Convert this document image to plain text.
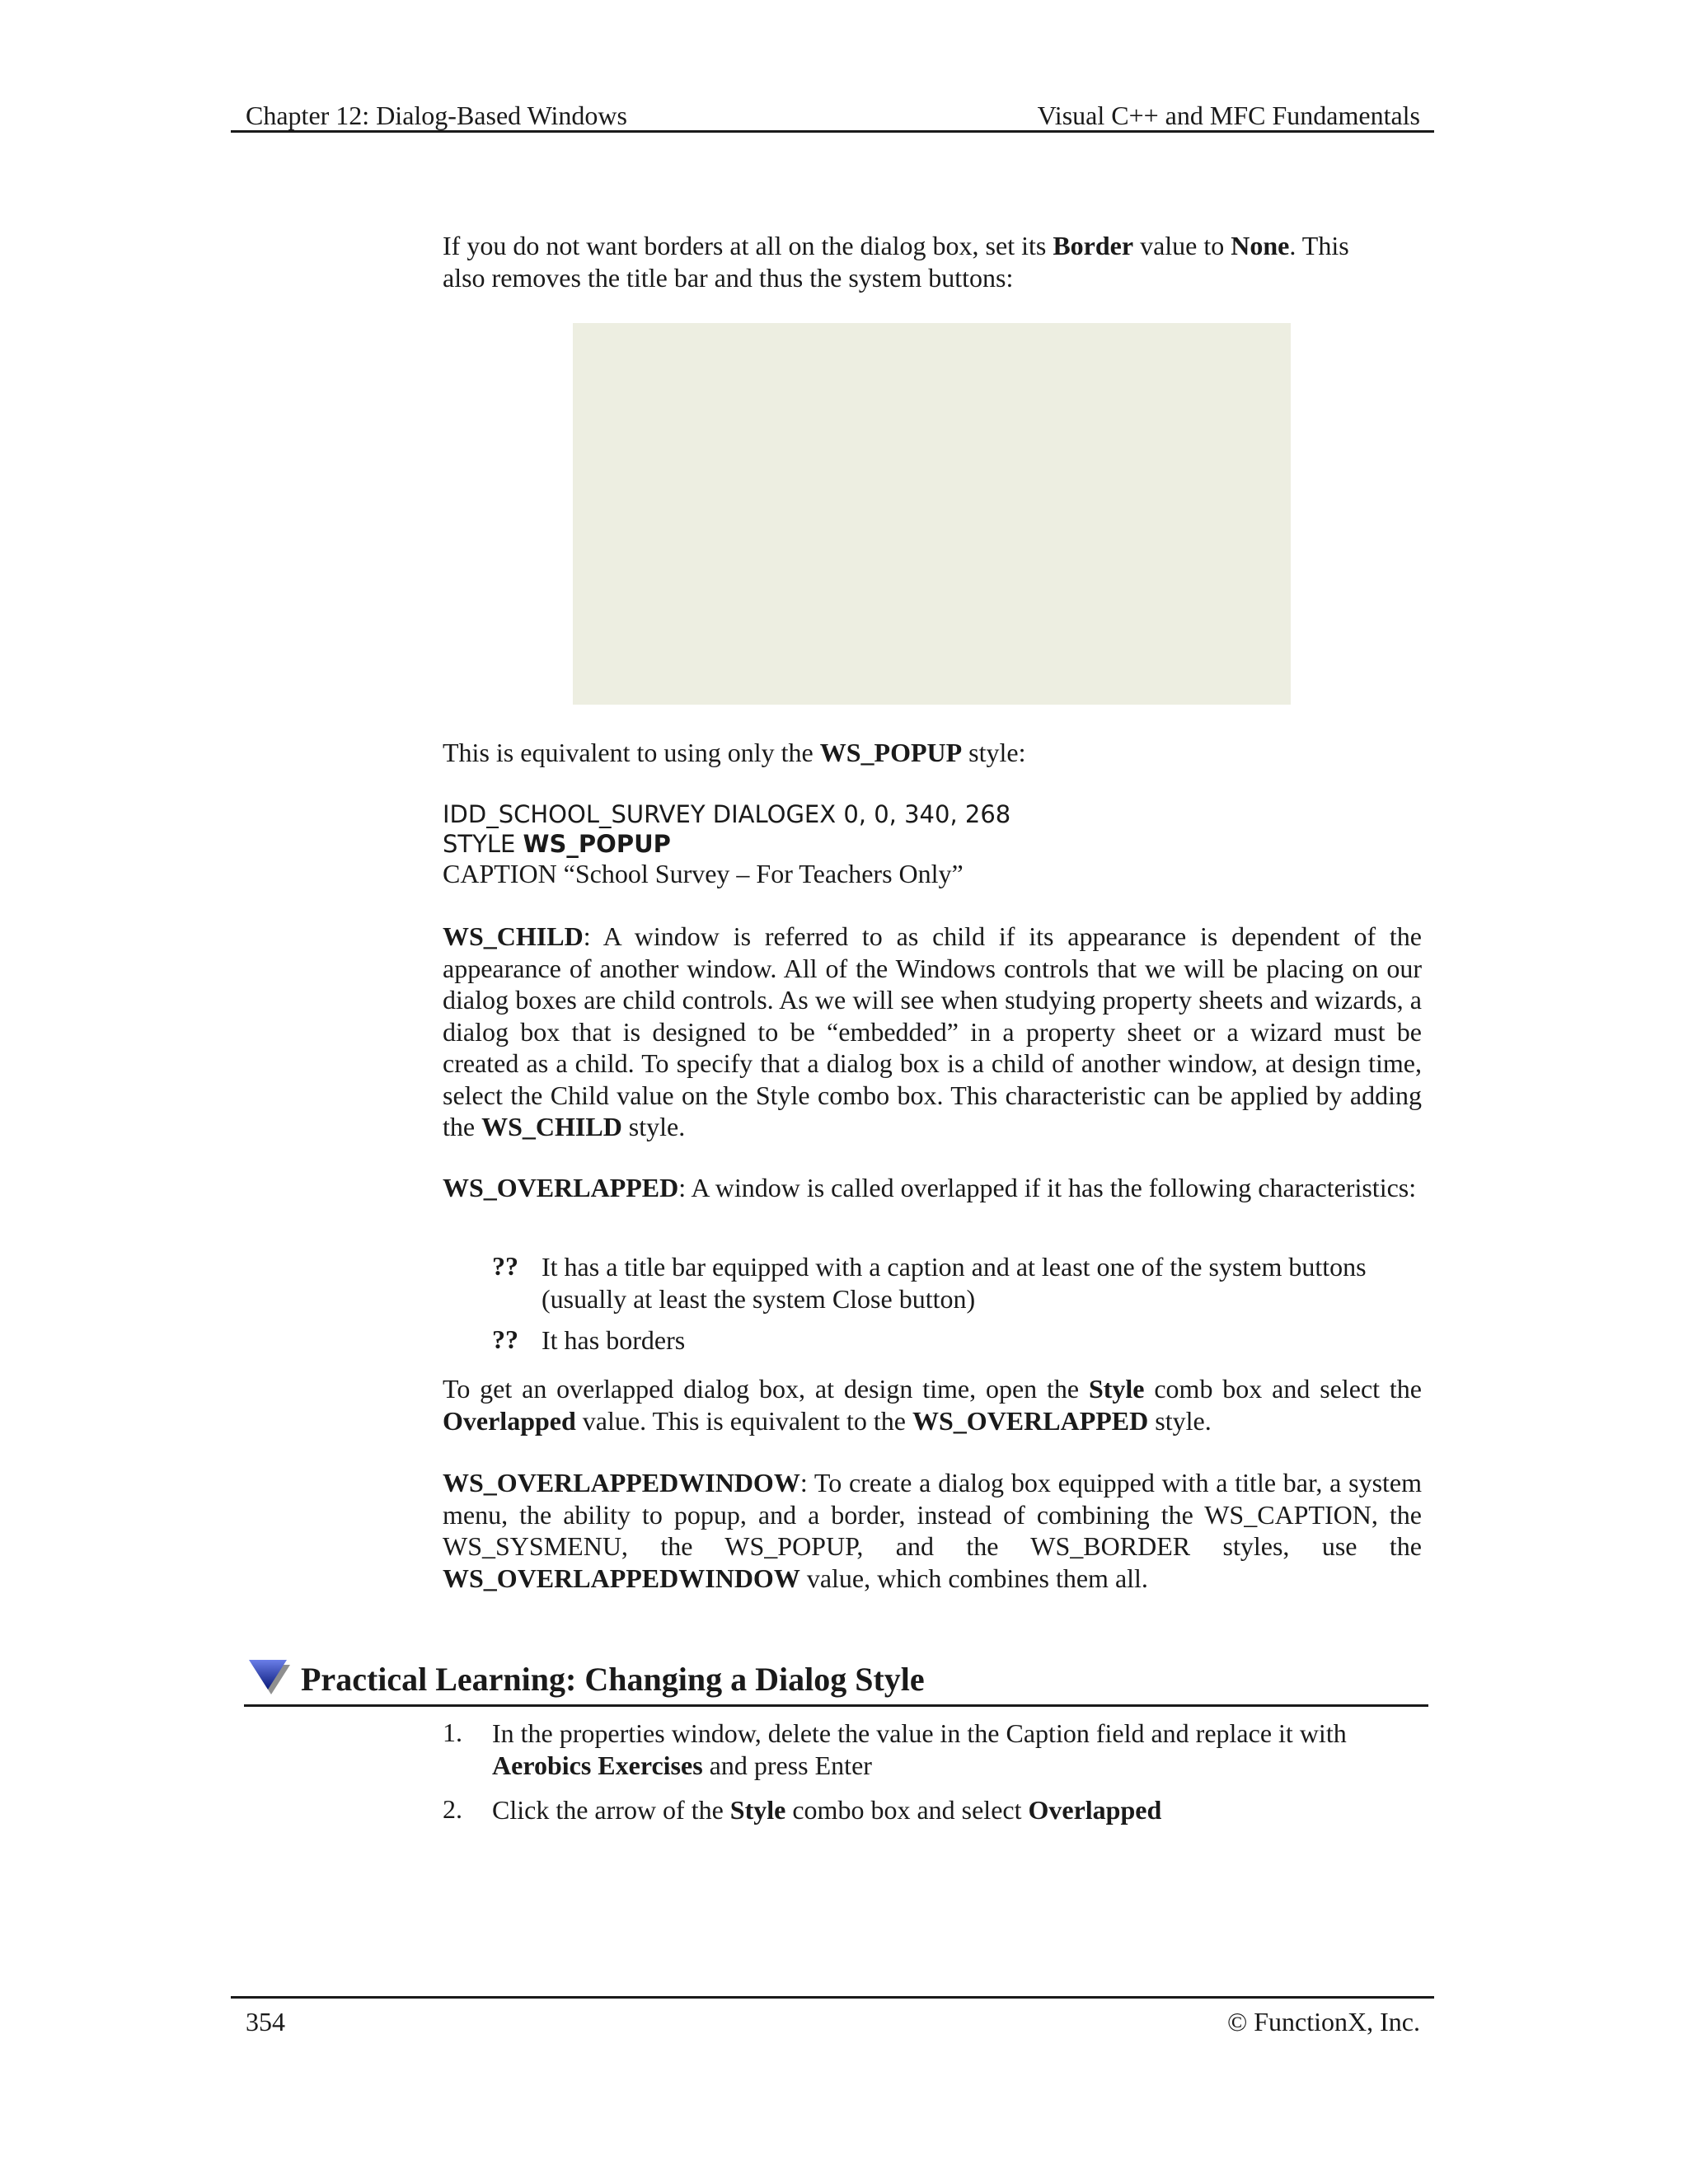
Chapter 12: Dialog-Based Windows	Visual C++ and MFC Fundamentals
If you do not want borders at all on the dialog box, set its Border value to None. This also removes the title bar and thus the system buttons:
This is equivalent to using only the WS_POPUP style:
IDD_SCHOOL_SURVEY DIALOGEX 0, 0, 340, 268
STYLE WS_POPUP
CAPTION “School Survey – For Teachers Only”
WS_CHILD: A window is referred to as child if its appearance is dependent of the appearance of another window. All of the Windows controls that we will be placing on our dialog boxes are child controls. As we will see when studying property sheets and wizards, a dialog box that is designed to be “embedded” in a property sheet or a wizard must be created as a child. To specify that a dialog box is a child of another window, at design time, select the Child value on the Style combo box. This characteristic can be applied by adding the WS_CHILD style.
WS_OVERLAPPED: A window is called overlapped if it has the following characteristics:
?? It has a title bar equipped with a caption and at least one of the system buttons (usually at least the system Close button)
?? It has borders
To get an overlapped dialog box, at design time, open the Style comb box and select the Overlapped value. This is equivalent to the WS_OVERLAPPED style.
WS_OVERLAPPEDWINDOW: To create a dialog box equipped with a title bar, a system menu, the ability to popup, and a border, instead of combining the WS_CAPTION, the WS_SYSMENU, the WS_POPUP, and the WS_BORDER styles, use the WS_OVERLAPPEDWINDOW value, which combines them all.
Practical Learning: Changing a Dialog Style
1. In the properties window, delete the value in the Caption field and replace it with Aerobics Exercises and press Enter
2. Click the arrow of the Style combo box and select Overlapped
354	© FunctionX, Inc.
